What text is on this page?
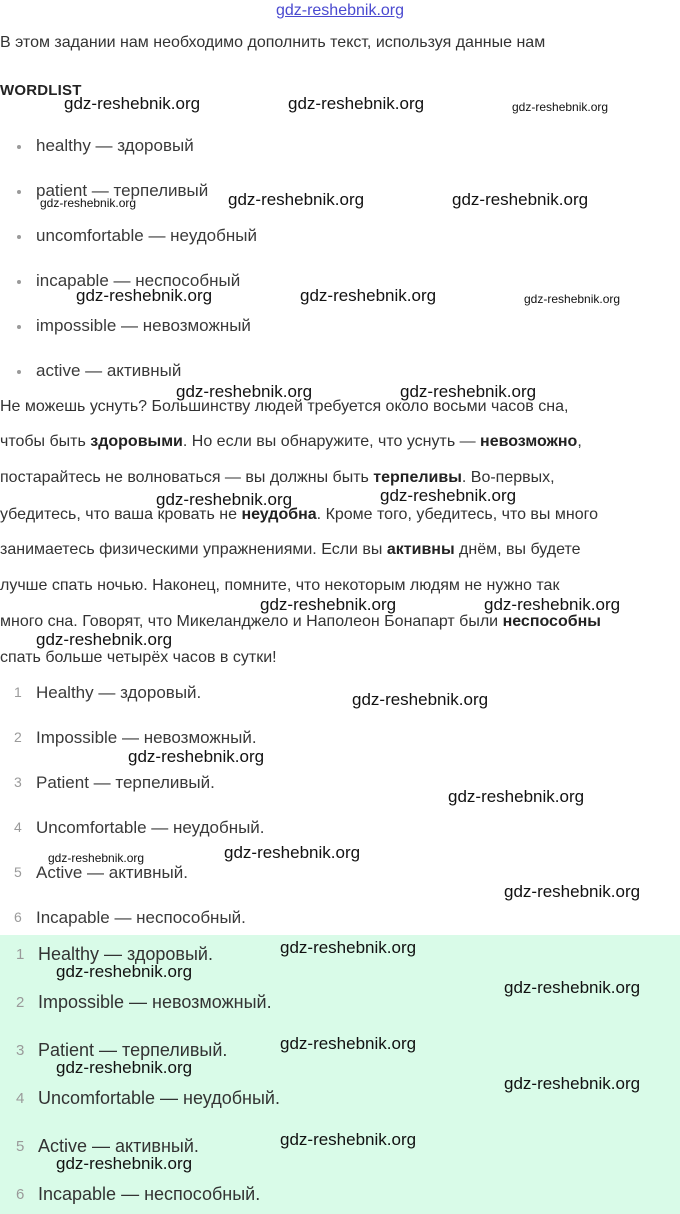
gdz-reshebnik.org
В этом задании нам необходимо дополнить текст, используя данные нам
WORDLIST
healthy — здоровый
patient — терпеливый
uncomfortable — неудобный
incapable — неспособный
impossible — невозможный
active — активный
Не можешь уснуть? Большинству людей требуется около восьми часов сна,
чтобы быть здоровыми. Но если вы обнаружите, что уснуть — невозможно,
постарайтесь не волноваться — вы должны быть терпеливы. Во-первых,
убедитесь, что ваша кровать не неудобна. Кроме того, убедитесь, что вы много
занимаетесь физическими упражнениями. Если вы активны днём, вы будете
лучше спать ночью. Наконец, помните, что некоторым людям не нужно так
много сна. Говорят, что Микеланджело и Наполеон Бонапарт были неспособны
спать больше четырёх часов в сутки!
1 Healthy — здоровый.
2 Impossible — невозможный.
3 Patient — терпеливый.
4 Uncomfortable — неудобный.
5 Active — активный.
6 Incapable — неспособный.
1 Healthy — здоровый.
2 Impossible — невозможный.
3 Patient — терпеливый.
4 Uncomfortable — неудобный.
5 Active — активный.
6 Incapable — неспособный.
gdz-reshebnik.org	gdz-reshebnik.org	gdz-reshebnik.org
gdz-reshebnik.org	gdz-reshebnik.org	gdz-reshebnik.org
gdz-reshebnik.org	gdz-reshebnik.org	gdz-reshebnik.org
gdz-reshebnik.org	gdz-reshebnik.org
gdz-reshebnik.org	gdz-reshebnik.org
gdz-reshebnik.org	gdz-reshebnik.org
gdz-reshebnik.org
gdz-reshebnik.org
gdz-reshebnik.org
gdz-reshebnik.org
gdz-reshebnik.org	gdz-reshebnik.org
gdz-reshebnik.org
gdz-reshebnik.org
gdz-reshebnik.org
gdz-reshebnik.org
gdz-reshebnik.org
gdz-reshebnik.org
gdz-reshebnik.org
gdz-reshebnik.org
gdz-reshebnik.org
